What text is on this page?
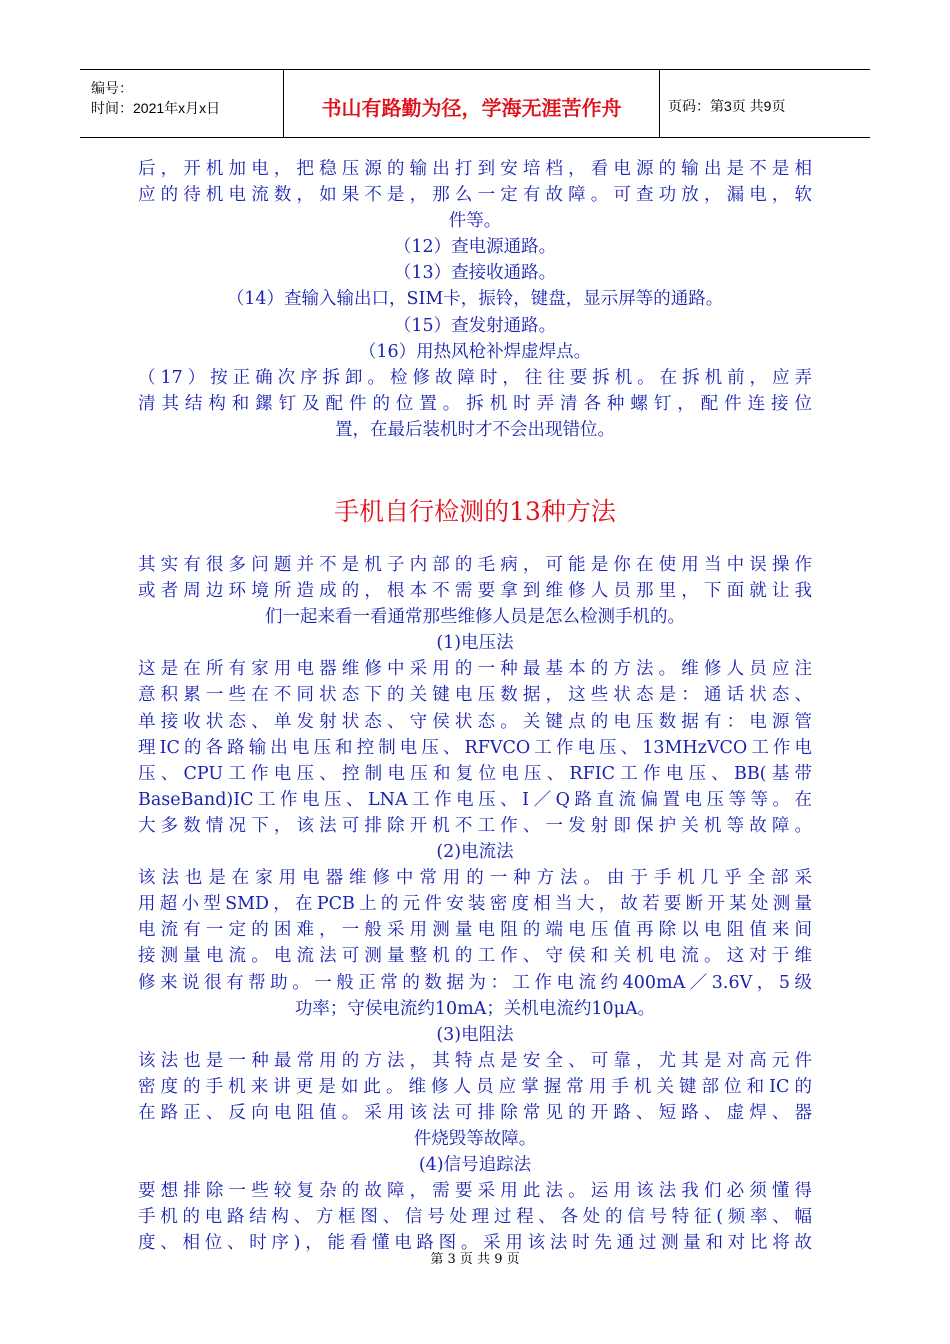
编号：
时间：2021年x月x日	书山有路勤为径，学海无涯苦作舟	页码：第3页 共9页
后，开机加电，把稳压源的输出打到安培档，看电源的输出是不是相
应的待机电流数，如果不是，那么一定有故障。可查功放，漏电，软
件等。
（12）查电源通路。
（13）查接收通路。
（14）查输入输出口，SIM卡，振铃，键盘，显示屏等的通路。
（15）查发射通路。
（16）用热风枪补焊虚焊点。
（17）按正确次序拆卸。检修故障时，往往要拆机。在拆机前，应弄
清其结构和鏍钉及配件的位置。拆机时弄清各种螺钉，配件连接位
置，在最后装机时才不会出现错位。
手机自行检测的13种方法
其实有很多问题并不是机子内部的毛病，可能是你在使用当中误操作
或者周边环境所造成的，根本不需要拿到维修人员那里，下面就让我
们一起来看一看通常那些维修人员是怎么检测手机的。
(1)电压法
这是在所有家用电器维修中采用的一种最基本的方法。维修人员应注
意积累一些在不同状态下的关键电压数据，这些状态是：通话状态、
单接收状态、单发射状态、守侯状态。关键点的电压数据有：电源管
理IC的各路输出电压和控制电压、RFVCO工作电压、13MHzVCO工作电
压、CPU工作电压、控制电压和复位电压、RFIC工作电压、BB(基带
BaseBand)IC工作电压、LNA工作电压、I／Q路直流偏置电压等等。在
大多数情况下，该法可排除开机不工作、一发射即保护关机等故障。
(2)电流法
该法也是在家用电器维修中常用的一种方法。由于手机几乎全部采
用超小型SMD，在PCB上的元件安装密度相当大，故若要断开某处测量
电流有一定的困难，一般采用测量电阻的端电压值再除以电阻值来间
接测量电流。电流法可测量整机的工作、守侯和关机电流。这对于维
修来说很有帮助。一般正常的数据为：工作电流约400mA／3.6V，5级
功率；守侯电流约10mA；关机电流约10μA。
(3)电阻法
该法也是一种最常用的方法，其特点是安全、可靠，尤其是对高元件
密度的手机来讲更是如此。维修人员应掌握常用手机关键部位和IC的
在路正、反向电阻值。采用该法可排除常见的开路、短路、虚焊、器
件烧毁等故障。
(4)信号追踪法
要想排除一些较复杂的故障，需要采用此法。运用该法我们必须懂得
手机的电路结构、方框图、信号处理过程、各处的信号特征(频率、幅
度、相位、时序)，能看懂电路图。采用该法时先通过测量和对比将故
第 3 页 共 9 页
